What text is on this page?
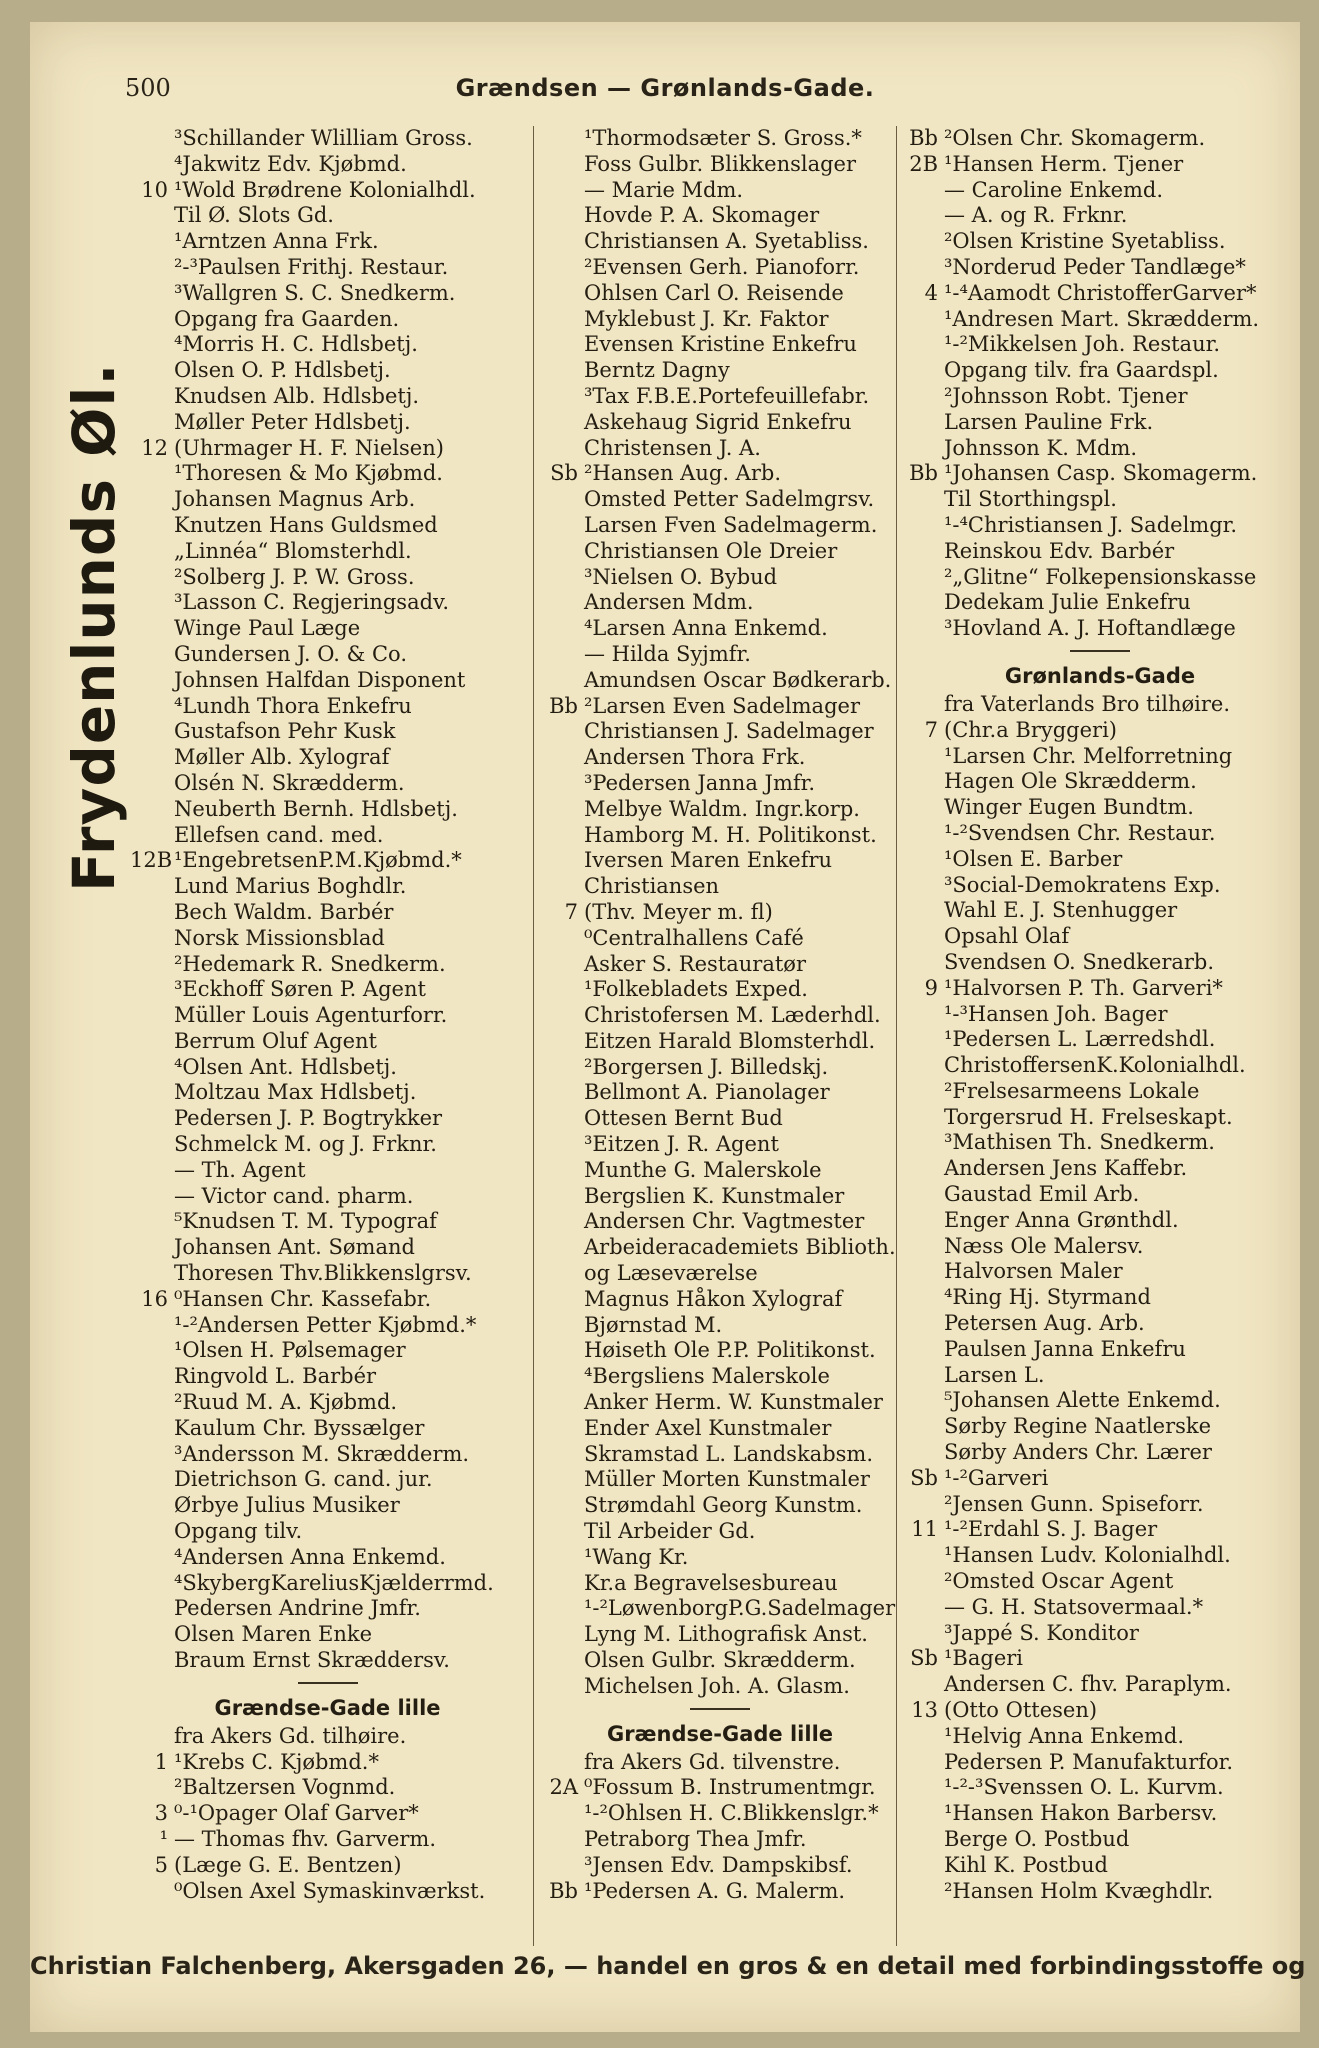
500	Grændsen — Grønlands-Gade.
Frydenlunds Øl.
³Schillander Wlilliam Gross.
⁴Jakwitz Edv. Kjøbmd.
10 ¹Wold Brødrene Kolonialhdl.
Til Ø. Slots Gd.
¹Arntzen Anna Frk.
²-³Paulsen Frithj. Restaur.
³Wallgren S. C. Snedkerm.
Opgang fra Gaarden.
⁴Morris H. C. Hdlsbetj.
Olsen O. P. Hdlsbetj.
Knudsen Alb. Hdlsbetj.
Møller Peter Hdlsbetj.
12 (Uhrmager H. F. Nielsen)
¹Thoresen & Mo Kjøbmd.
Johansen Magnus Arb.
Knutzen Hans Guldsmed
„Linnéa“ Blomsterhdl.
²Solberg J. P. W. Gross.
³Lasson C. Regjeringsadv.
Winge Paul Læge
Gundersen J. O. & Co.
Johnsen Halfdan Disponent
⁴Lundh Thora Enkefru
Gustafson Pehr Kusk
Møller Alb. Xylograf
Olsén N. Skrædderm.
Neuberth Bernh. Hdlsbetj.
Ellefsen cand. med.
12B¹EngebretsenP.M.Kjøbmd.*
Lund Marius Boghdlr.
Bech Waldm. Barbér
Norsk Missionsblad
²Hedemark R. Snedkerm.
³Eckhoff Søren P. Agent
Müller Louis Agenturforr.
Berrum Oluf Agent
⁴Olsen Ant. Hdlsbetj.
Moltzau Max Hdlsbetj.
Pedersen J. P. Bogtrykker
Schmelck M. og J. Frknr.
— Th. Agent
— Victor cand. pharm.
⁵Knudsen T. M. Typograf
Johansen Ant. Sømand
Thoresen Thv.Blikkenslgrsv.
16 ⁰Hansen Chr. Kassefabr.
¹-²Andersen Petter Kjøbmd.*
¹Olsen H. Pølsemager
Ringvold L. Barbér
²Ruud M. A. Kjøbmd.
Kaulum Chr. Byssælger
³Andersson M. Skrædderm.
Dietrichson G. cand. jur.
Ørbye Julius Musiker
Opgang tilv.
⁴Andersen Anna Enkemd.
⁴SkybergKareliusKjælderrmd.
Pedersen Andrine Jmfr.
Olsen Maren Enke
Braum Ernst Skræddersv.
Grændse-Gade lille
fra Akers Gd. tilhøire.
1 ¹Krebs C. Kjøbmd.*
²Baltzersen Vognmd.
3 ⁰-¹Opager Olaf Garver*
¹ — Thomas fhv. Garverm.
5 (Læge G. E. Bentzen)
⁰Olsen Axel Symaskinværkst.
¹Thormodsæter S. Gross.*
Foss Gulbr. Blikkenslager
— Marie Mdm.
Hovde P. A. Skomager
Christiansen A. Syetabliss.
²Evensen Gerh. Pianoforr.
Ohlsen Carl O. Reisende
Myklebust J. Kr. Faktor
Evensen Kristine Enkefru
Berntz Dagny
³Tax F.B.E.Portefeuillefabr.
Askehaug Sigrid Enkefru
Christensen J. A.
Sb ²Hansen Aug. Arb.
Omsted Petter Sadelmgrsv.
Larsen Fven Sadelmagerm.
Christiansen Ole Dreier
³Nielsen O. Bybud
Andersen Mdm.
⁴Larsen Anna Enkemd.
— Hilda Syjmfr.
Amundsen Oscar Bødkerarb.
Bb ²Larsen Even Sadelmager
Christiansen J. Sadelmager
Andersen Thora Frk.
³Pedersen Janna Jmfr.
Melbye Waldm. Ingr.korp.
Hamborg M. H. Politikonst.
Iversen Maren Enkefru
Christiansen
7 (Thv. Meyer m. fl)
⁰Centralhallens Café
Asker S. Restauratør
¹Folkebladets Exped.
Christofersen M. Læderhdl.
Eitzen Harald Blomsterhdl.
²Borgersen J. Billedskj.
Bellmont A. Pianolager
Ottesen Bernt Bud
³Eitzen J. R. Agent
Munthe G. Malerskole
Bergslien K. Kunstmaler
Andersen Chr. Vagtmester
Arbeideracademiets Biblioth.
og Læseværelse
Magnus Håkon Xylograf
Bjørnstad M.
Høiseth Ole P.P. Politikonst.
⁴Bergsliens Malerskole
Anker Herm. W. Kunstmaler
Ender Axel Kunstmaler
Skramstad L. Landskabsm.
Müller Morten Kunstmaler
Strømdahl Georg Kunstm.
Til Arbeider Gd.
¹Wang Kr.
Kr.a Begravelsesbureau
¹-²LøwenborgP.G.Sadelmager
Lyng M. Lithografisk Anst.
Olsen Gulbr. Skrædderm.
Michelsen Joh. A. Glasm.
Grændse-Gade lille
fra Akers Gd. tilvenstre.
2A ⁰Fossum B. Instrumentmgr.
¹-²Ohlsen H. C.Blikkenslgr.*
Petraborg Thea Jmfr.
³Jensen Edv. Dampskibsf.
Bb ¹Pedersen A. G. Malerm.
Bb ²Olsen Chr. Skomagerm.
2B ¹Hansen Herm. Tjener
— Caroline Enkemd.
— A. og R. Frknr.
²Olsen Kristine Syetabliss.
³Norderud Peder Tandlæge*
4 ¹-⁴Aamodt ChristofferGarver*
¹Andresen Mart. Skrædderm.
¹-²Mikkelsen Joh. Restaur.
Opgang tilv. fra Gaardspl.
²Johnsson Robt. Tjener
Larsen Pauline Frk.
Johnsson K. Mdm.
Bb ¹Johansen Casp. Skomagerm.
Til Storthingspl.
¹-⁴Christiansen J. Sadelmgr.
Reinskou Edv. Barbér
²„Glitne“ Folkepensionskasse
Dedekam Julie Enkefru
³Hovland A. J. Hoftandlæge
Grønlands-Gade
fra Vaterlands Bro tilhøire.
7 (Chr.a Bryggeri)
¹Larsen Chr. Melforretning
Hagen Ole Skrædderm.
Winger Eugen Bundtm.
¹-²Svendsen Chr. Restaur.
¹Olsen E. Barber
³Social-Demokratens Exp.
Wahl E. J. Stenhugger
Opsahl Olaf
Svendsen O. Snedkerarb.
9 ¹Halvorsen P. Th. Garveri*
¹-³Hansen Joh. Bager
¹Pedersen L. Lærredshdl.
ChristoffersenK.Kolonialhdl.
²Frelsesarmeens Lokale
Torgersrud H. Frelseskapt.
³Mathisen Th. Snedkerm.
Andersen Jens Kaffebr.
Gaustad Emil Arb.
Enger Anna Grønthdl.
Næss Ole Malersv.
Halvorsen Maler
⁴Ring Hj. Styrmand
Petersen Aug. Arb.
Paulsen Janna Enkefru
Larsen L.
⁵Johansen Alette Enkemd.
Sørby Regine Naatlerske
Sørby Anders Chr. Lærer
Sb ¹-²Garveri
²Jensen Gunn. Spiseforr.
11 ¹-²Erdahl S. J. Bager
¹Hansen Ludv. Kolonialhdl.
²Omsted Oscar Agent
— G. H. Statsovermaal.*
³Jappé S. Konditor
Sb ¹Bageri
Andersen C. fhv. Paraplym.
13 (Otto Ottesen)
¹Helvig Anna Enkemd.
Pedersen P. Manufakturfor.
¹-²-³Svenssen O. L. Kurvm.
¹Hansen Hakon Barbersv.
Berge O. Postbud
Kihl K. Postbud
²Hansen Holm Kvæghdlr.
Christian Falchenberg, Akersgaden 26, — handel en gros & en detail med forbindingsstoffe og
